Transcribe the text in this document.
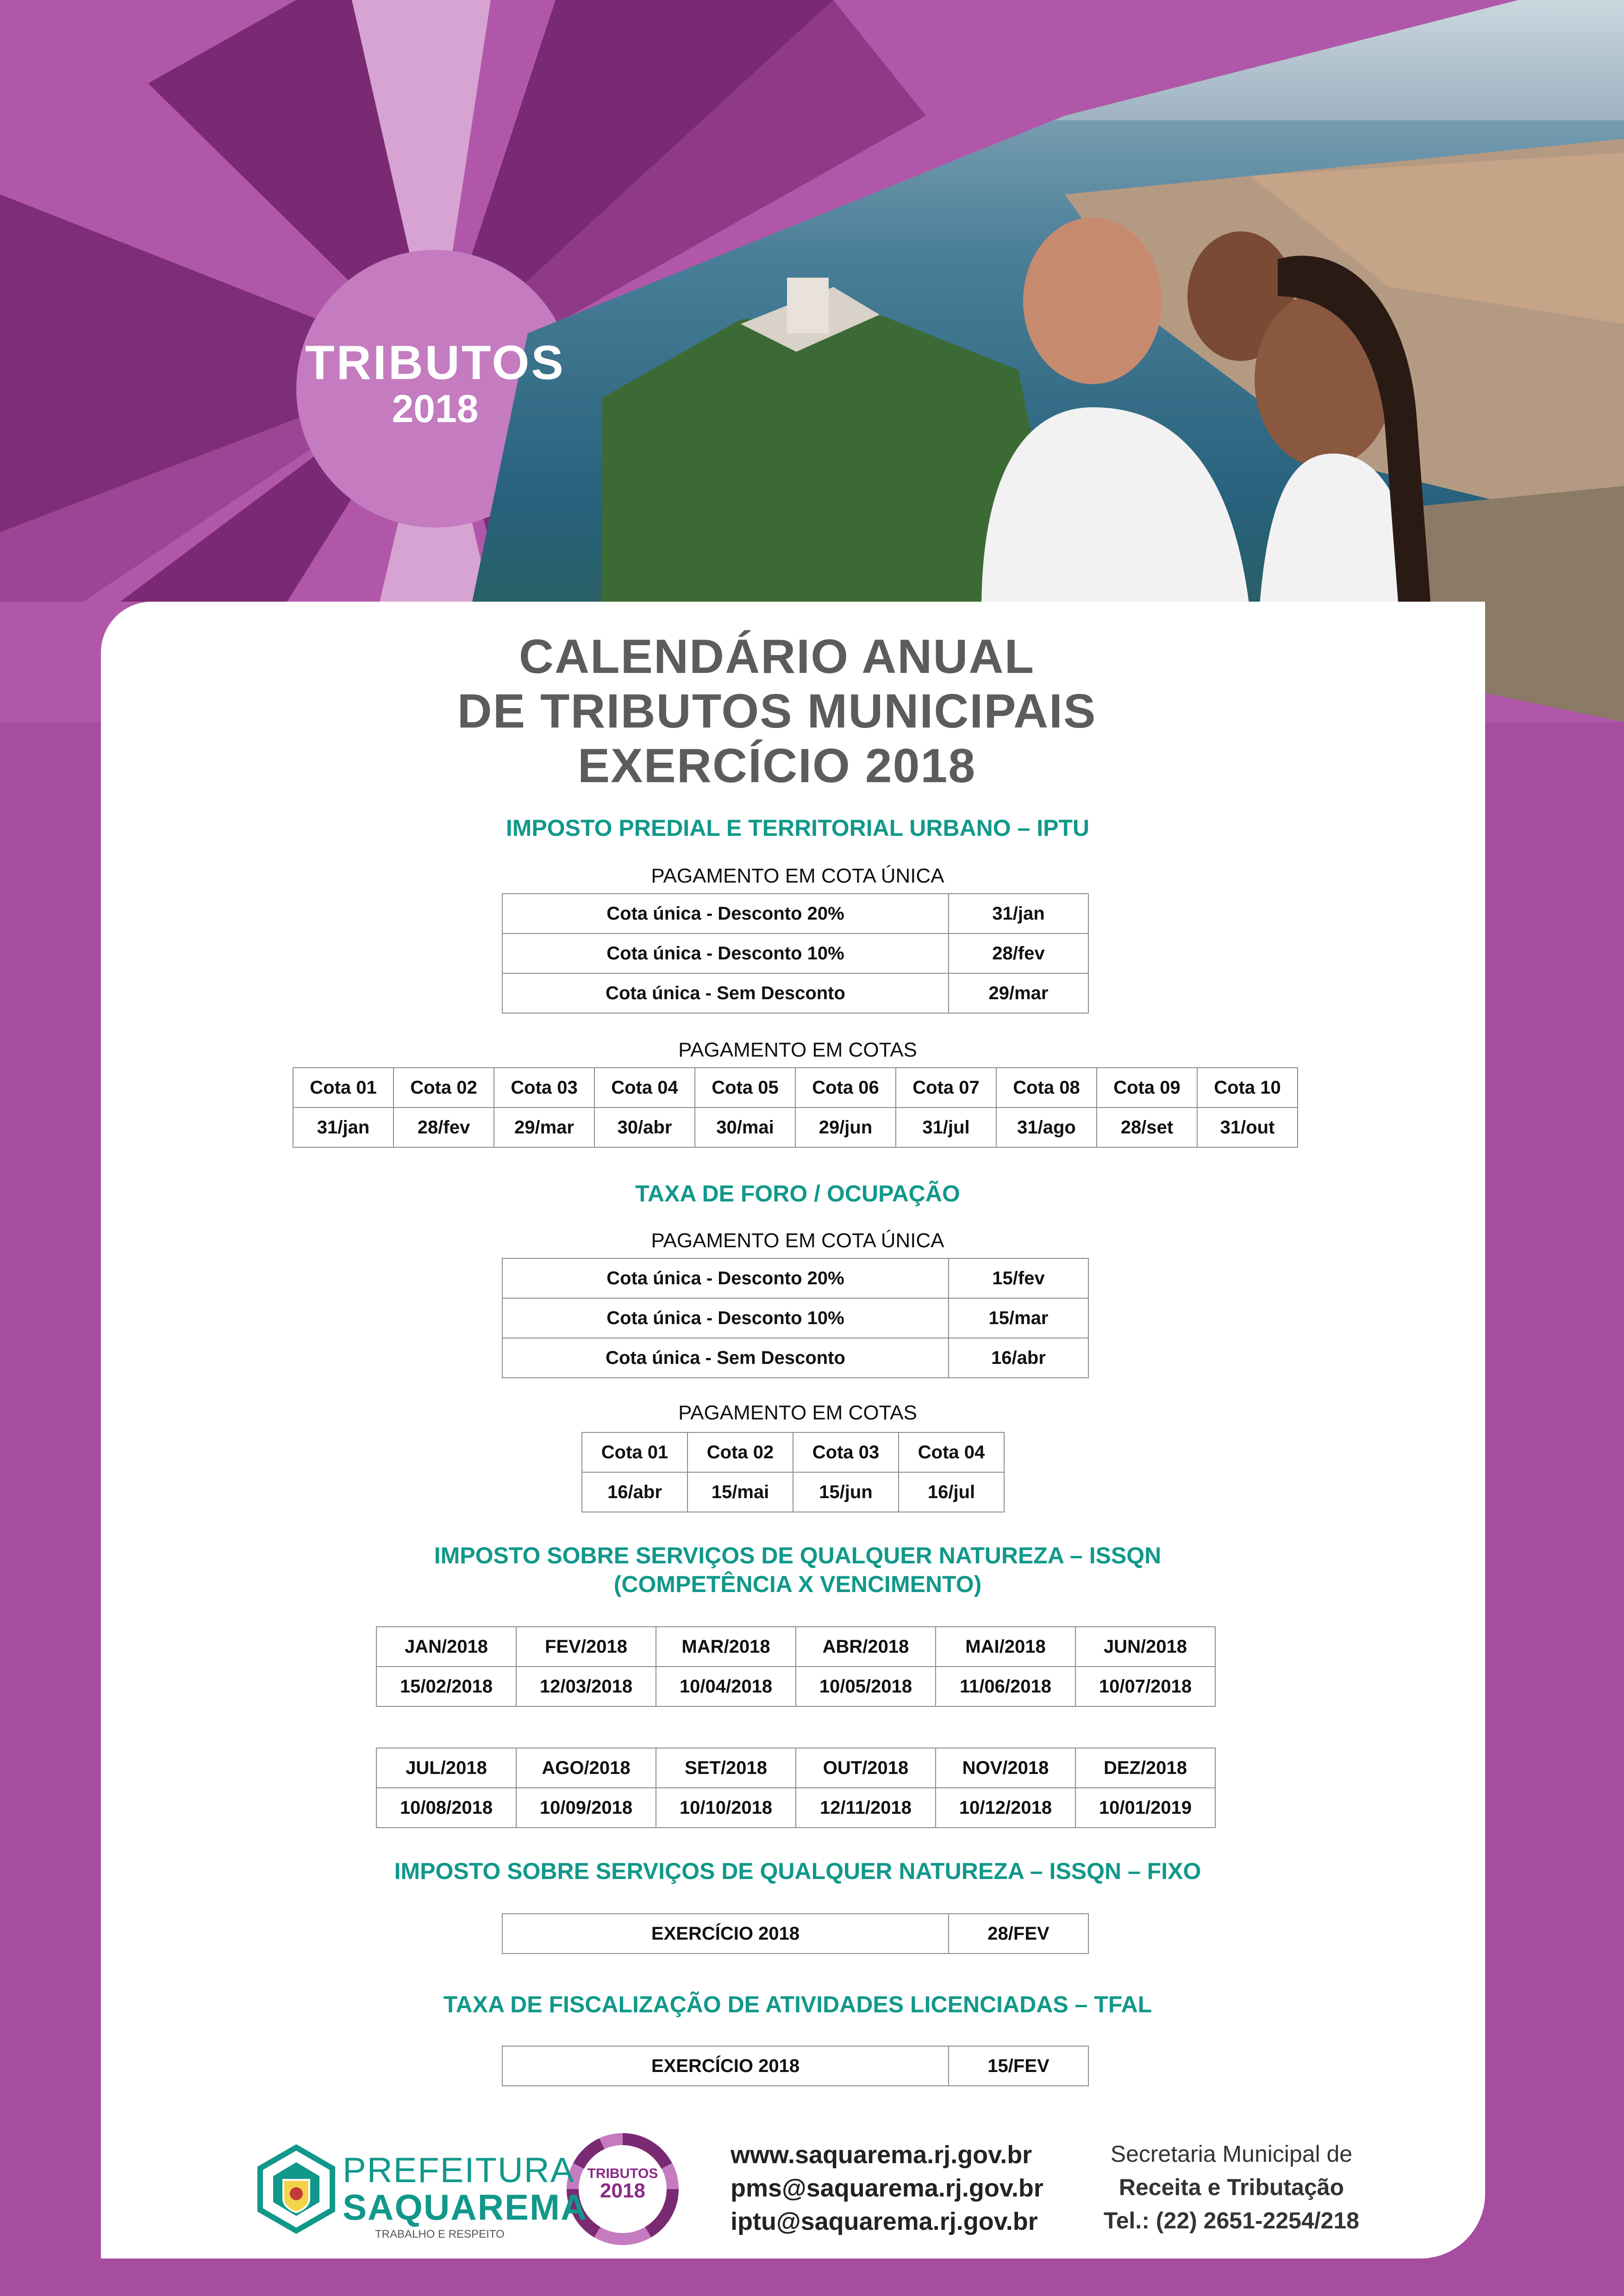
TRIBUTOS
2018
CALENDÁRIO ANUAL
DE TRIBUTOS MUNICIPAIS
EXERCÍCIO 2018
IMPOSTO PREDIAL E TERRITORIAL URBANO – IPTU
PAGAMENTO EM COTA ÚNICA
Cota única - Desconto 20%	31/jan
Cota única - Desconto 10%	28/fev
Cota única - Sem Desconto	29/mar
PAGAMENTO EM COTAS
Cota 01	Cota 02	Cota 03	Cota 04	Cota 05	Cota 06	Cota 07	Cota 08	Cota 09	Cota 10
31/jan	28/fev	29/mar	30/abr	30/mai	29/jun	31/jul	31/ago	28/set	31/out
TAXA DE FORO / OCUPAÇÃO
PAGAMENTO EM COTA ÚNICA
Cota única - Desconto 20%	15/fev
Cota única - Desconto 10%	15/mar
Cota única - Sem Desconto	16/abr
PAGAMENTO EM COTAS
Cota 01	Cota 02	Cota 03	Cota 04
16/abr	15/mai	15/jun	16/jul
IMPOSTO SOBRE SERVIÇOS DE QUALQUER NATUREZA – ISSQN
(COMPETÊNCIA X VENCIMENTO)
JAN/2018	FEV/2018	MAR/2018	ABR/2018	MAI/2018	JUN/2018
15/02/2018	12/03/2018	10/04/2018	10/05/2018	11/06/2018	10/07/2018
JUL/2018	AGO/2018	SET/2018	OUT/2018	NOV/2018	DEZ/2018
10/08/2018	10/09/2018	10/10/2018	12/11/2018	10/12/2018	10/01/2019
IMPOSTO SOBRE SERVIÇOS DE QUALQUER NATUREZA – ISSQN – FIXO
EXERCÍCIO 2018	28/FEV
TAXA DE FISCALIZAÇÃO DE ATIVIDADES LICENCIADAS – TFAL
EXERCÍCIO 2018	15/FEV
PREFEITURA
SAQUAREMA
TRABALHO E RESPEITO
TRIBUTOS
2018
www.saquarema.rj.gov.br
pms@saquarema.rj.gov.br
iptu@saquarema.rj.gov.br
Secretaria Municipal de
Receita e Tributação
Tel.: (22) 2651-2254/218
